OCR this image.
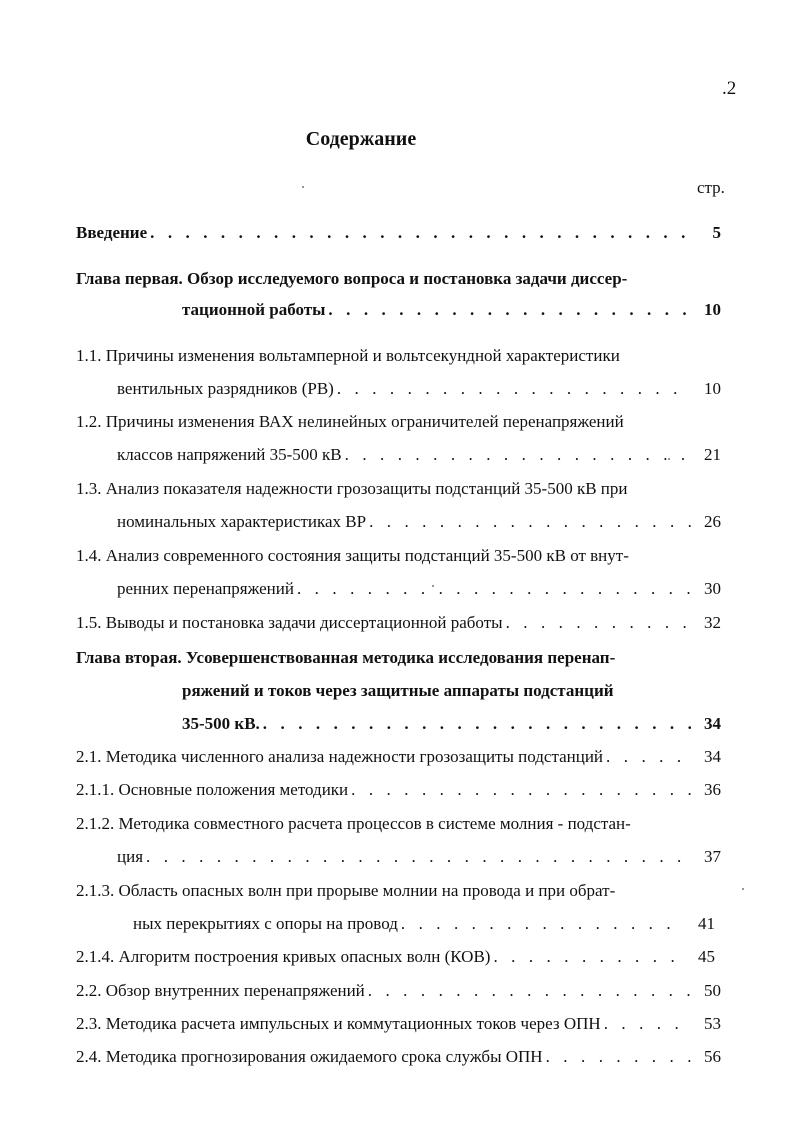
.2
Содержание
стр.
Введение . . .	5
Глава первая. Обзор исследуемого вопроса и постановка задачи диссер-
тационной работы . . .	10
1.1. Причины изменения вольтамперной и вольтсекундной характеристики
вентильных разрядников (РВ) . . .	10
1.2. Причины изменения ВАХ нелинейных ограничителей перенапряжений
классов напряжений 35-500 кВ . . .	21
1.3. Анализ показателя надежности грозозащиты подстанций 35-500 кВ при
номинальных характеристиках ВР . . .	26
1.4. Анализ современного состояния защиты подстанций 35-500 кВ от внут-
ренних перенапряжений . . .	30
1.5. Выводы и постановка задачи диссертационной работы . . .	32
Глава вторая. Усовершенствованная методика исследования перенап-
ряжений и токов через защитные аппараты подстанций
35-500 кВ. . . .	34
2.1. Методика численного анализа надежности грозозащиты подстанций . . .	34
2.1.1. Основные положения методики . . .	36
2.1.2. Методика совместного расчета процессов в системе молния - подстан-
ция . . .	37
2.1.3. Область опасных волн при прорыве молнии на провода и при обрат-
ных перекрытиях с опоры на провод . . .	41
2.1.4. Алгоритм построения кривых опасных волн (КОВ) . . .	45
2.2. Обзор внутренних перенапряжений . . .	50
2.3. Методика расчета импульсных и коммутационных токов через ОПН . . .	53
2.4. Методика прогнозирования ожидаемого срока службы ОПН . . .	56
